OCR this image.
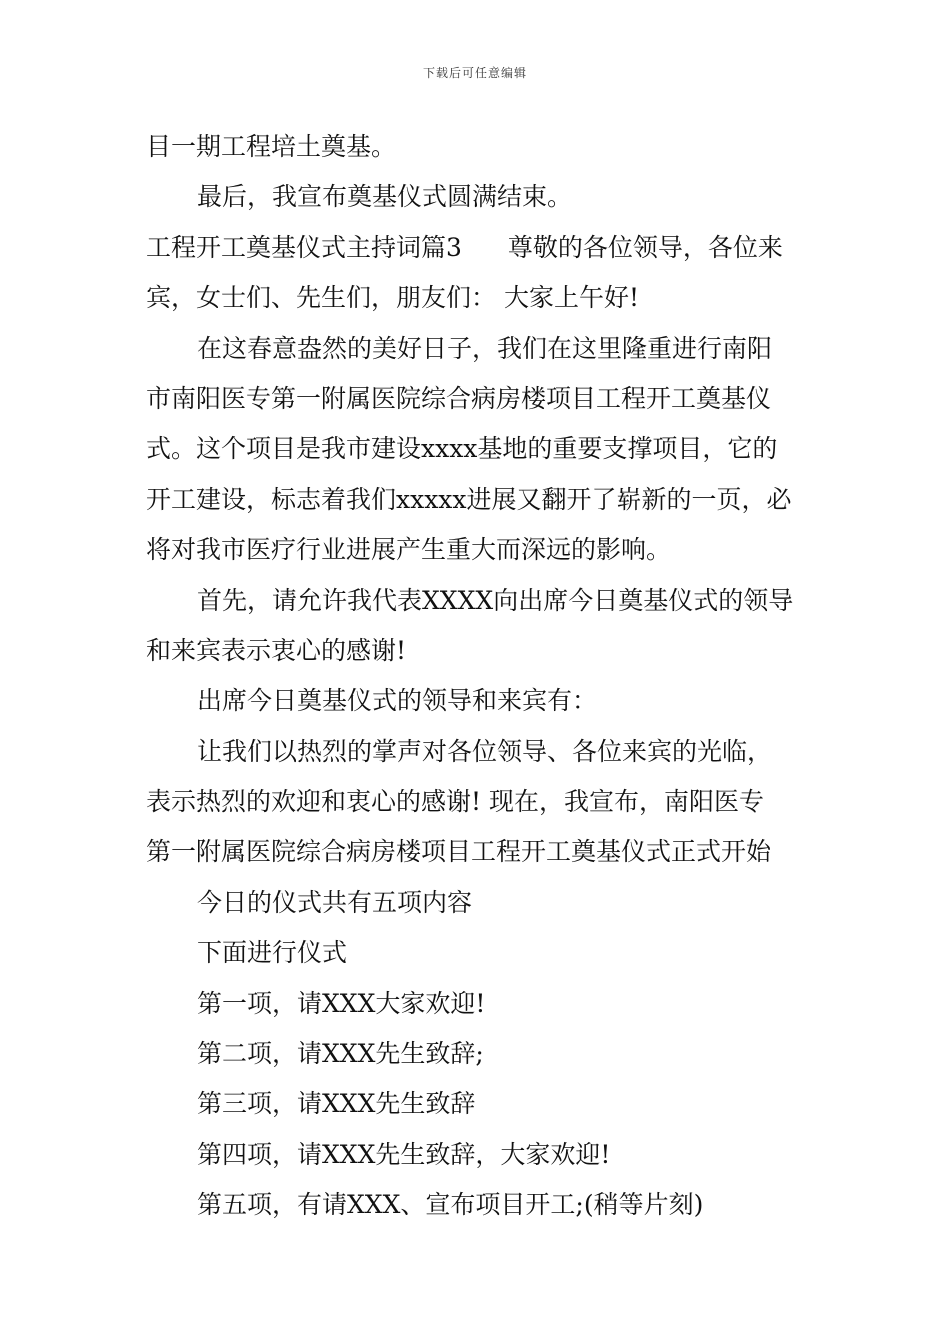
下载后可任意编辑
目一期工程培土奠基。
最后，我宣布奠基仪式圆满结束。
工程开工奠基仪式主持词篇3 尊敬的各位领导，各位来
宾，女士们、先生们，朋友们： 大家上午好!
在这春意盎然的美好日子，我们在这里隆重进行南阳
市南阳医专第一附属医院综合病房楼项目工程开工奠基仪
式。这个项目是我市建设xxxx基地的重要支撑项目，它的
开工建设，标志着我们xxxxx进展又翻开了崭新的一页，必
将对我市医疗行业进展产生重大而深远的影响。
首先，请允许我代表XXXX向出席今日奠基仪式的领导
和来宾表示衷心的感谢!
出席今日奠基仪式的领导和来宾有：
让我们以热烈的掌声对各位领导、各位来宾的光临，
表示热烈的欢迎和衷心的感谢! 现在，我宣布，南阳医专
第一附属医院综合病房楼项目工程开工奠基仪式正式开始
今日的仪式共有五项内容
下面进行仪式
第一项，请XXX大家欢迎!
第二项，请XXX先生致辞;
第三项，请XXX先生致辞
第四项，请XXX先生致辞，大家欢迎!
第五项，有请XXX、宣布项目开工;(稍等片刻)
